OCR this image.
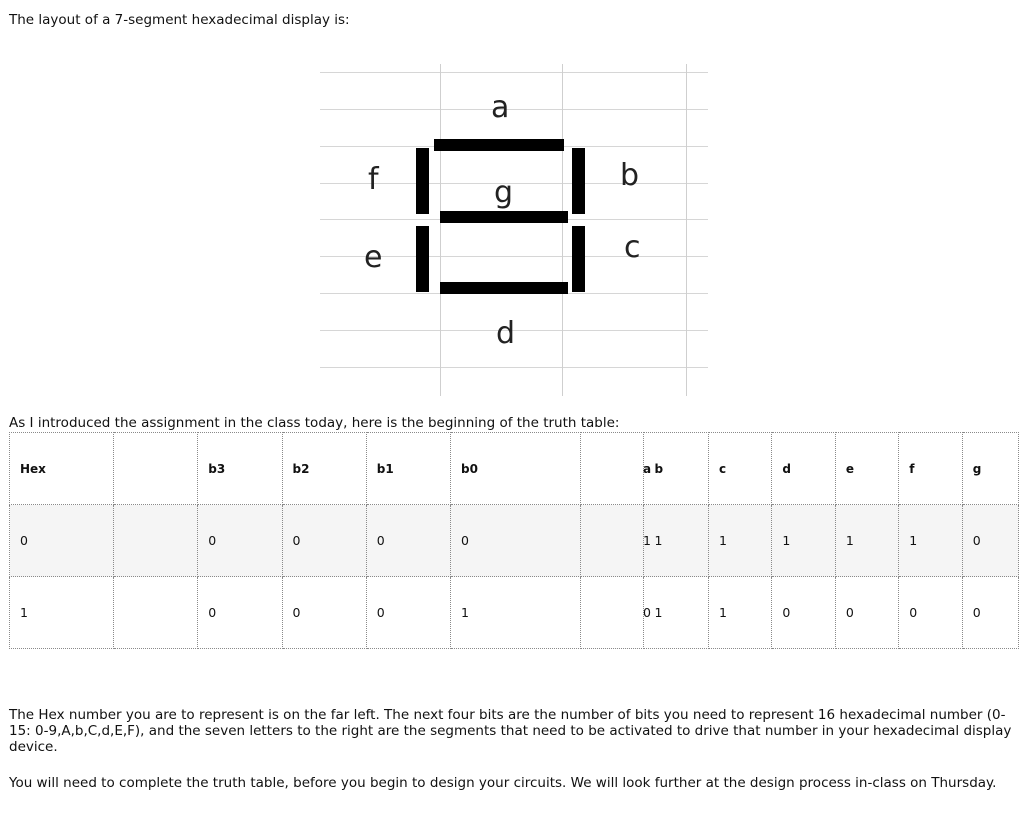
The layout of a 7-segment hexadecimal display is:

a
b
c
d
e
f	g

As I introduced the assignment in the class today, here is the beginning of the truth table:

Hex		b3	b2	b1	b0	a	b	c	d	e	f	g
0		0	0	0	0	1	1	1	1	1	1	0
1		0	0	0	1	0	1	1	0	0	0	0

The Hex number you are to represent is on the far left. The next four bits are the number of bits you need to represent 16 hexadecimal number (0-15: 0-9,A,b,C,d,E,F), and the seven letters to the right are the segments that need to be activated to drive that number in your hexadecimal display device.

You will need to complete the truth table, before you begin to design your circuits. We will look further at the design process in-class on Thursday.
